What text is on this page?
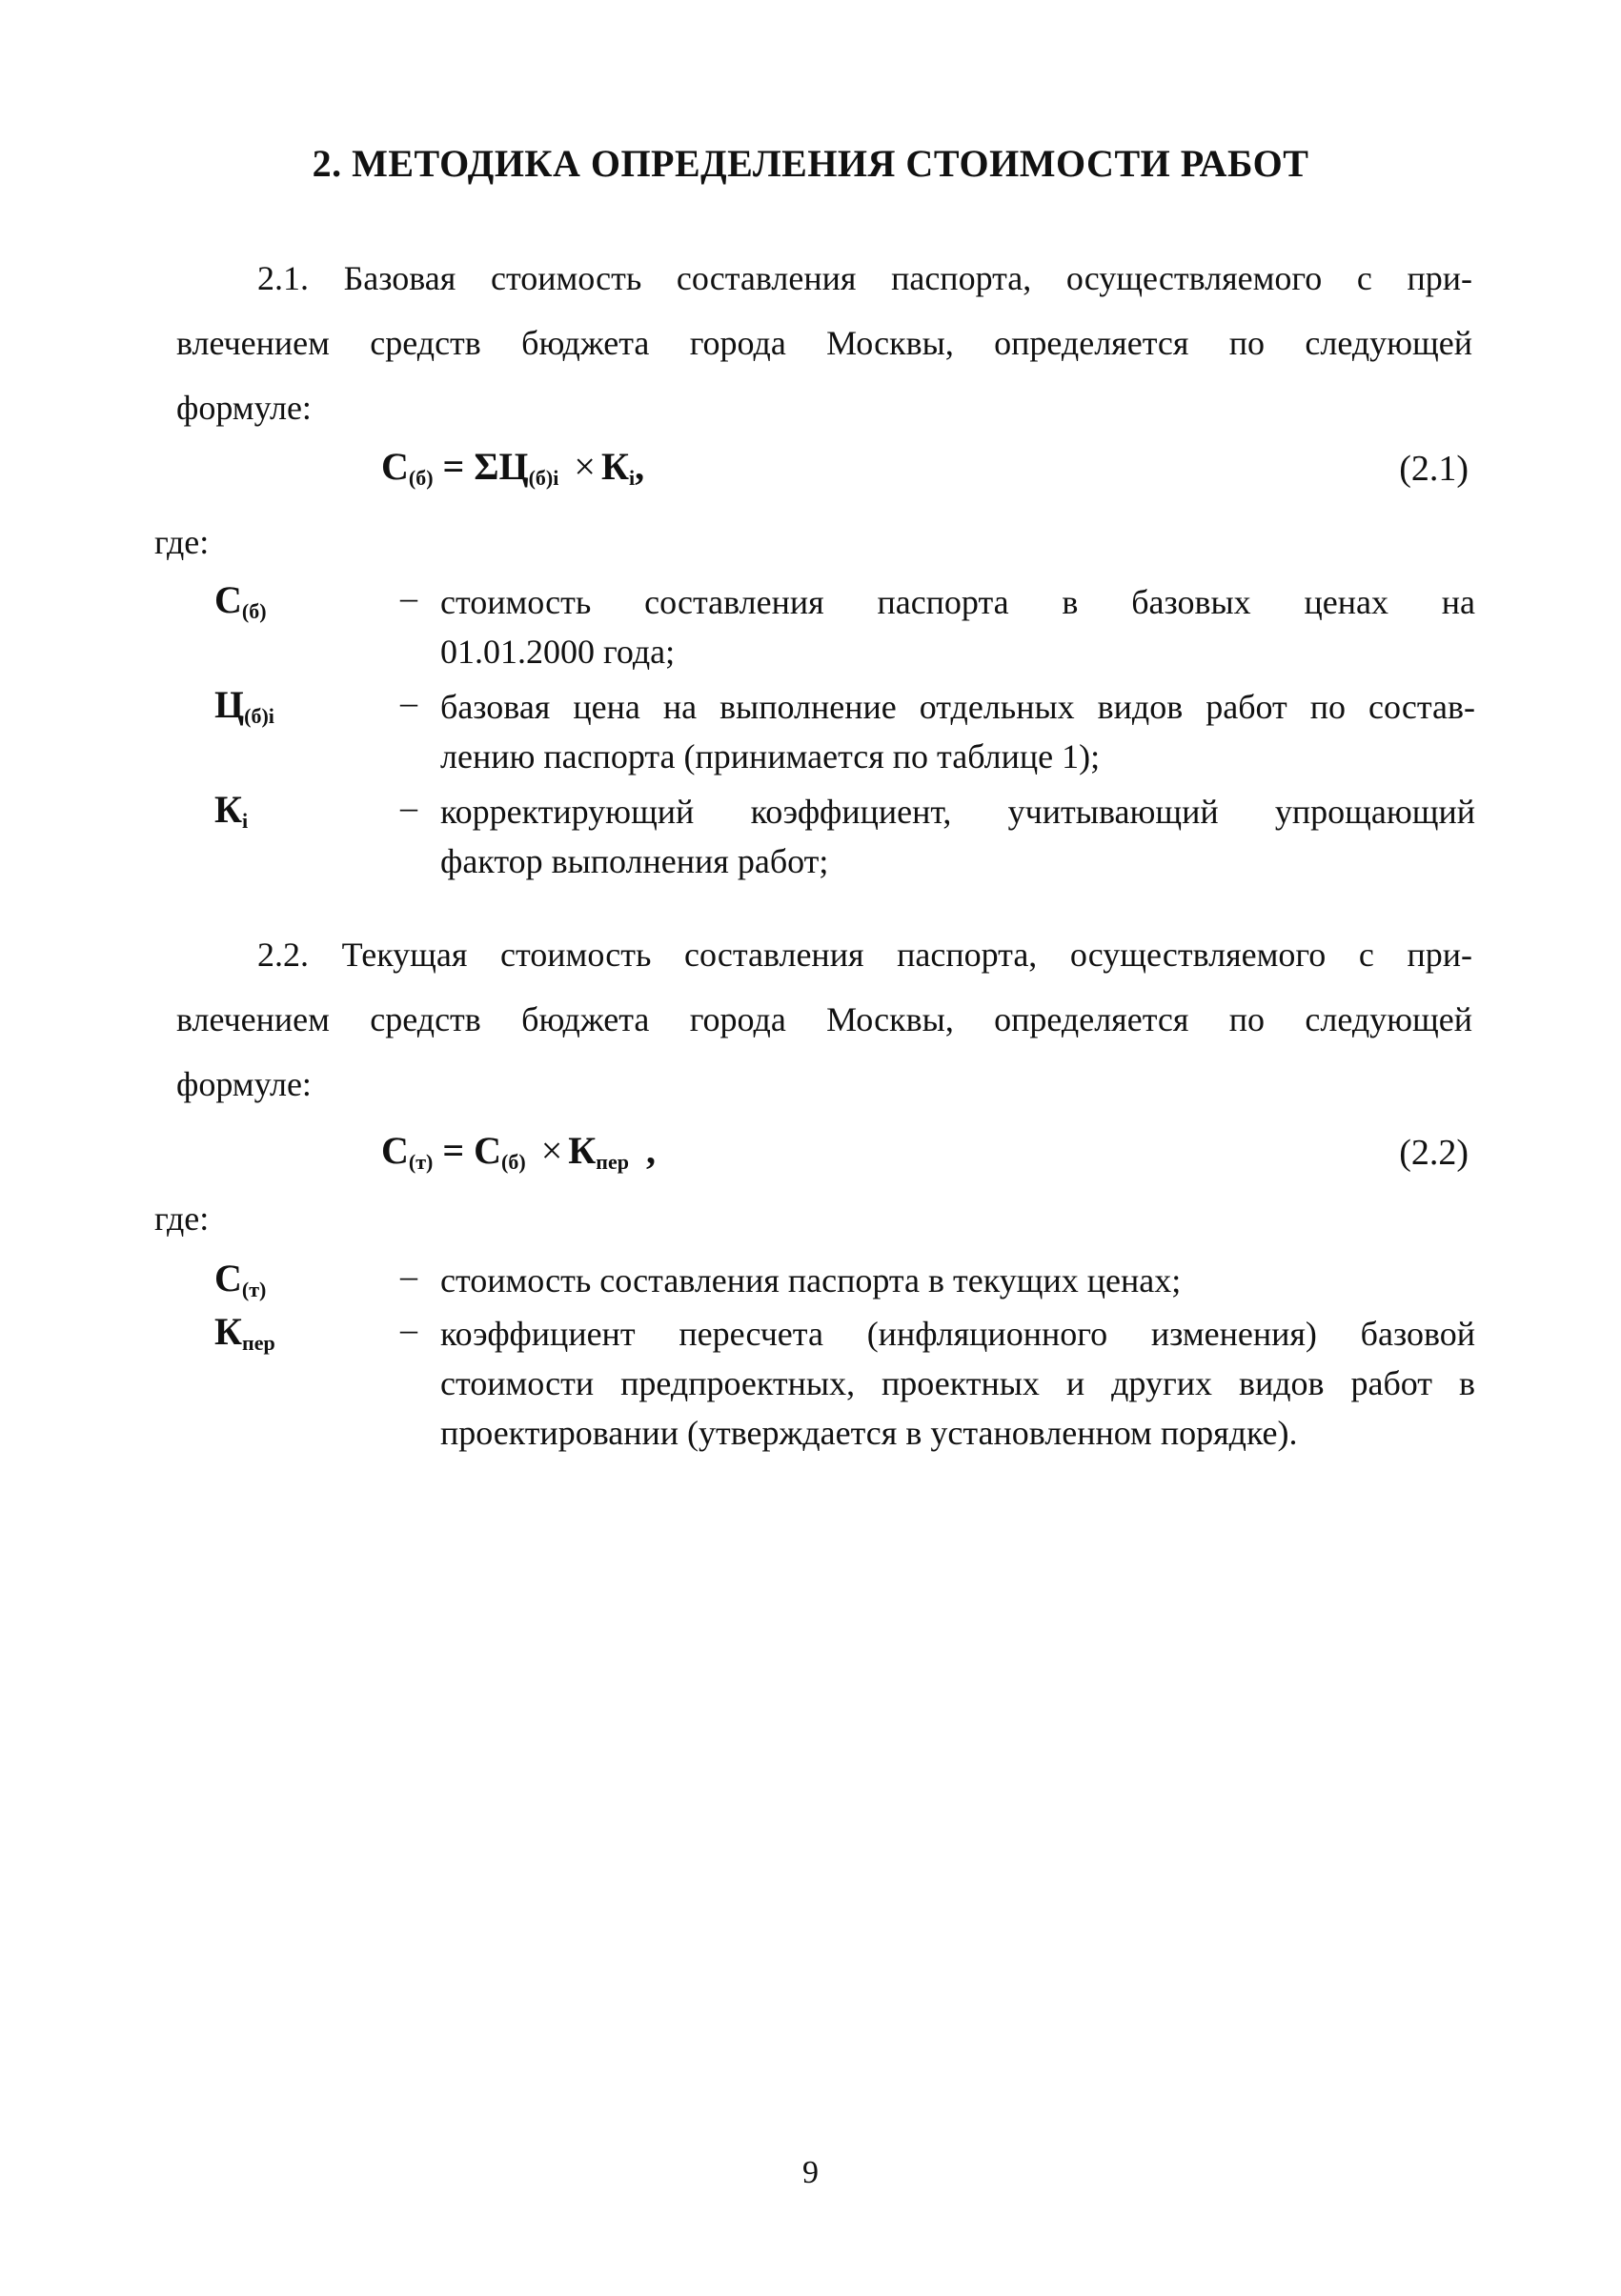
2. МЕТОДИКА ОПРЕДЕЛЕНИЯ СТОИМОСТИ РАБОТ
2.1. Базовая стоимость составления паспорта, осуществляемого с при-
влечением средств бюджета города Москвы, определяется по следующей
формуле:
$С_{(б)} = \Sigma Ц_{(б)i} \times К_i$,	(2.1)
где:
$С_{(б)}$	– стоимость составления паспорта в базовых ценах на
01.01.2000 года;
$Ц_{(б)i}$	– базовая цена на выполнение отдельных видов работ по состав-
лению паспорта (принимается по таблице 1);
$К_i$	– корректирующий коэффициент, учитывающий упрощающий
фактор выполнения работ;
2.2. Текущая стоимость составления паспорта, осуществляемого с при-
влечением средств бюджета города Москвы, определяется по следующей
формуле:
$С_{(т)} = С_{(б)} \times К_{пер}$ ,	(2.2)
где:
$С_{(т)}$	– стоимость составления паспорта в текущих ценах;
$К_{пер}$	– коэффициент пересчета (инфляционного изменения) базовой
стоимости предпроектных, проектных и других видов работ в
проектировании (утверждается в установленном порядке).
9
